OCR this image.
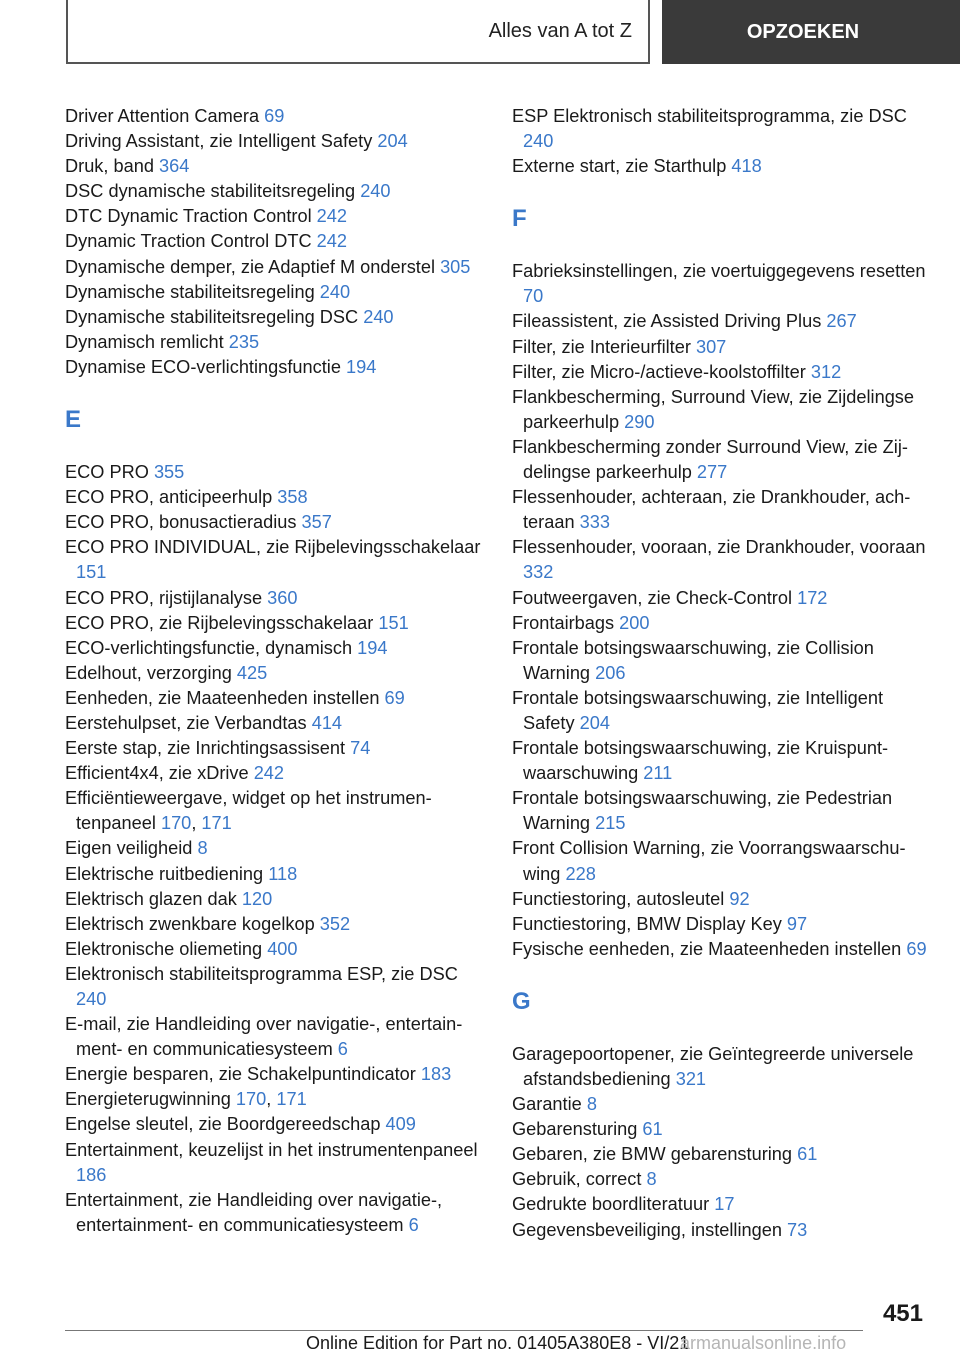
Alles van A tot Z	OPZOEKEN
Driver Attention Camera 69
Driving Assistant, zie Intelligent Safety 204
Druk, band 364
DSC dynamische stabiliteitsregeling 240
DTC Dynamic Traction Control 242
Dynamic Traction Control DTC 242
Dynamische demper, zie Adaptief M onderstel 305
Dynamische stabiliteitsregeling 240
Dynamische stabiliteitsregeling DSC 240
Dynamisch remlicht 235
Dynamise ECO-verlichtingsfunctie 194
E
ECO PRO 355
ECO PRO, anticipeerhulp 358
ECO PRO, bonusactieradius 357
ECO PRO INDIVIDUAL, zie Rijbelevingsschakelaar 151
ECO PRO, rijstijlanalyse 360
ECO PRO, zie Rijbelevingsschakelaar 151
ECO-verlichtingsfunctie, dynamisch 194
Edelhout, verzorging 425
Eenheden, zie Maateenheden instellen 69
Eerstehulpset, zie Verbandtas 414
Eerste stap, zie Inrichtingsassisent 74
Efficient4x4, zie xDrive 242
Efficiëntieweergave, widget op het instrumentenpaneel 170, 171
Eigen veiligheid 8
Elektrische ruitbediening 118
Elektrisch glazen dak 120
Elektrisch zwenkbare kogelkop 352
Elektronische oliemeting 400
Elektronisch stabiliteitsprogramma ESP, zie DSC 240
E-mail, zie Handleiding over navigatie-, entertainment- en communicatiesysteem 6
Energie besparen, zie Schakelpuntindicator 183
Energieterugwinning 170, 171
Engelse sleutel, zie Boordgereedschap 409
Entertainment, keuzelijst in het instrumentenpaneel 186
Entertainment, zie Handleiding over navigatie-, entertainment- en communicatiesysteem 6
ESP Elektronisch stabiliteitsprogramma, zie DSC 240
Externe start, zie Starthulp 418
F
Fabrieksinstellingen, zie voertuiggegevens resetten 70
Fileassistent, zie Assisted Driving Plus 267
Filter, zie Interieurfilter 307
Filter, zie Micro-/actieve-koolstoffilter 312
Flankbescherming, Surround View, zie Zijdelingse parkeerhulp 290
Flankbescherming zonder Surround View, zie Zijdelingse parkeerhulp 277
Flessenhouder, achteraan, zie Drankhouder, achteraan 333
Flessenhouder, vooraan, zie Drankhouder, vooraan 332
Foutweergaven, zie Check-Control 172
Frontairbags 200
Frontale botsingswaarschuwing, zie Collision Warning 206
Frontale botsingswaarschuwing, zie Intelligent Safety 204
Frontale botsingswaarschuwing, zie Kruispuntwaarschuwing 211
Frontale botsingswaarschuwing, zie Pedestrian Warning 215
Front Collision Warning, zie Voorrangswaarschuwing 228
Functiestoring, autosleutel 92
Functiestoring, BMW Display Key 97
Fysische eenheden, zie Maateenheden instellen 69
G
Garagepoortopener, zie Geïntegreerde universele afstandsbediening 321
Garantie 8
Gebarensturing 61
Gebaren, zie BMW gebarensturing 61
Gebruik, correct 8
Gedrukte boordliteratuur 17
Gegevensbeveiliging, instellingen 73
451
Online Edition for Part no. 01405A380E8 - VI/21
armanualsonline.info
